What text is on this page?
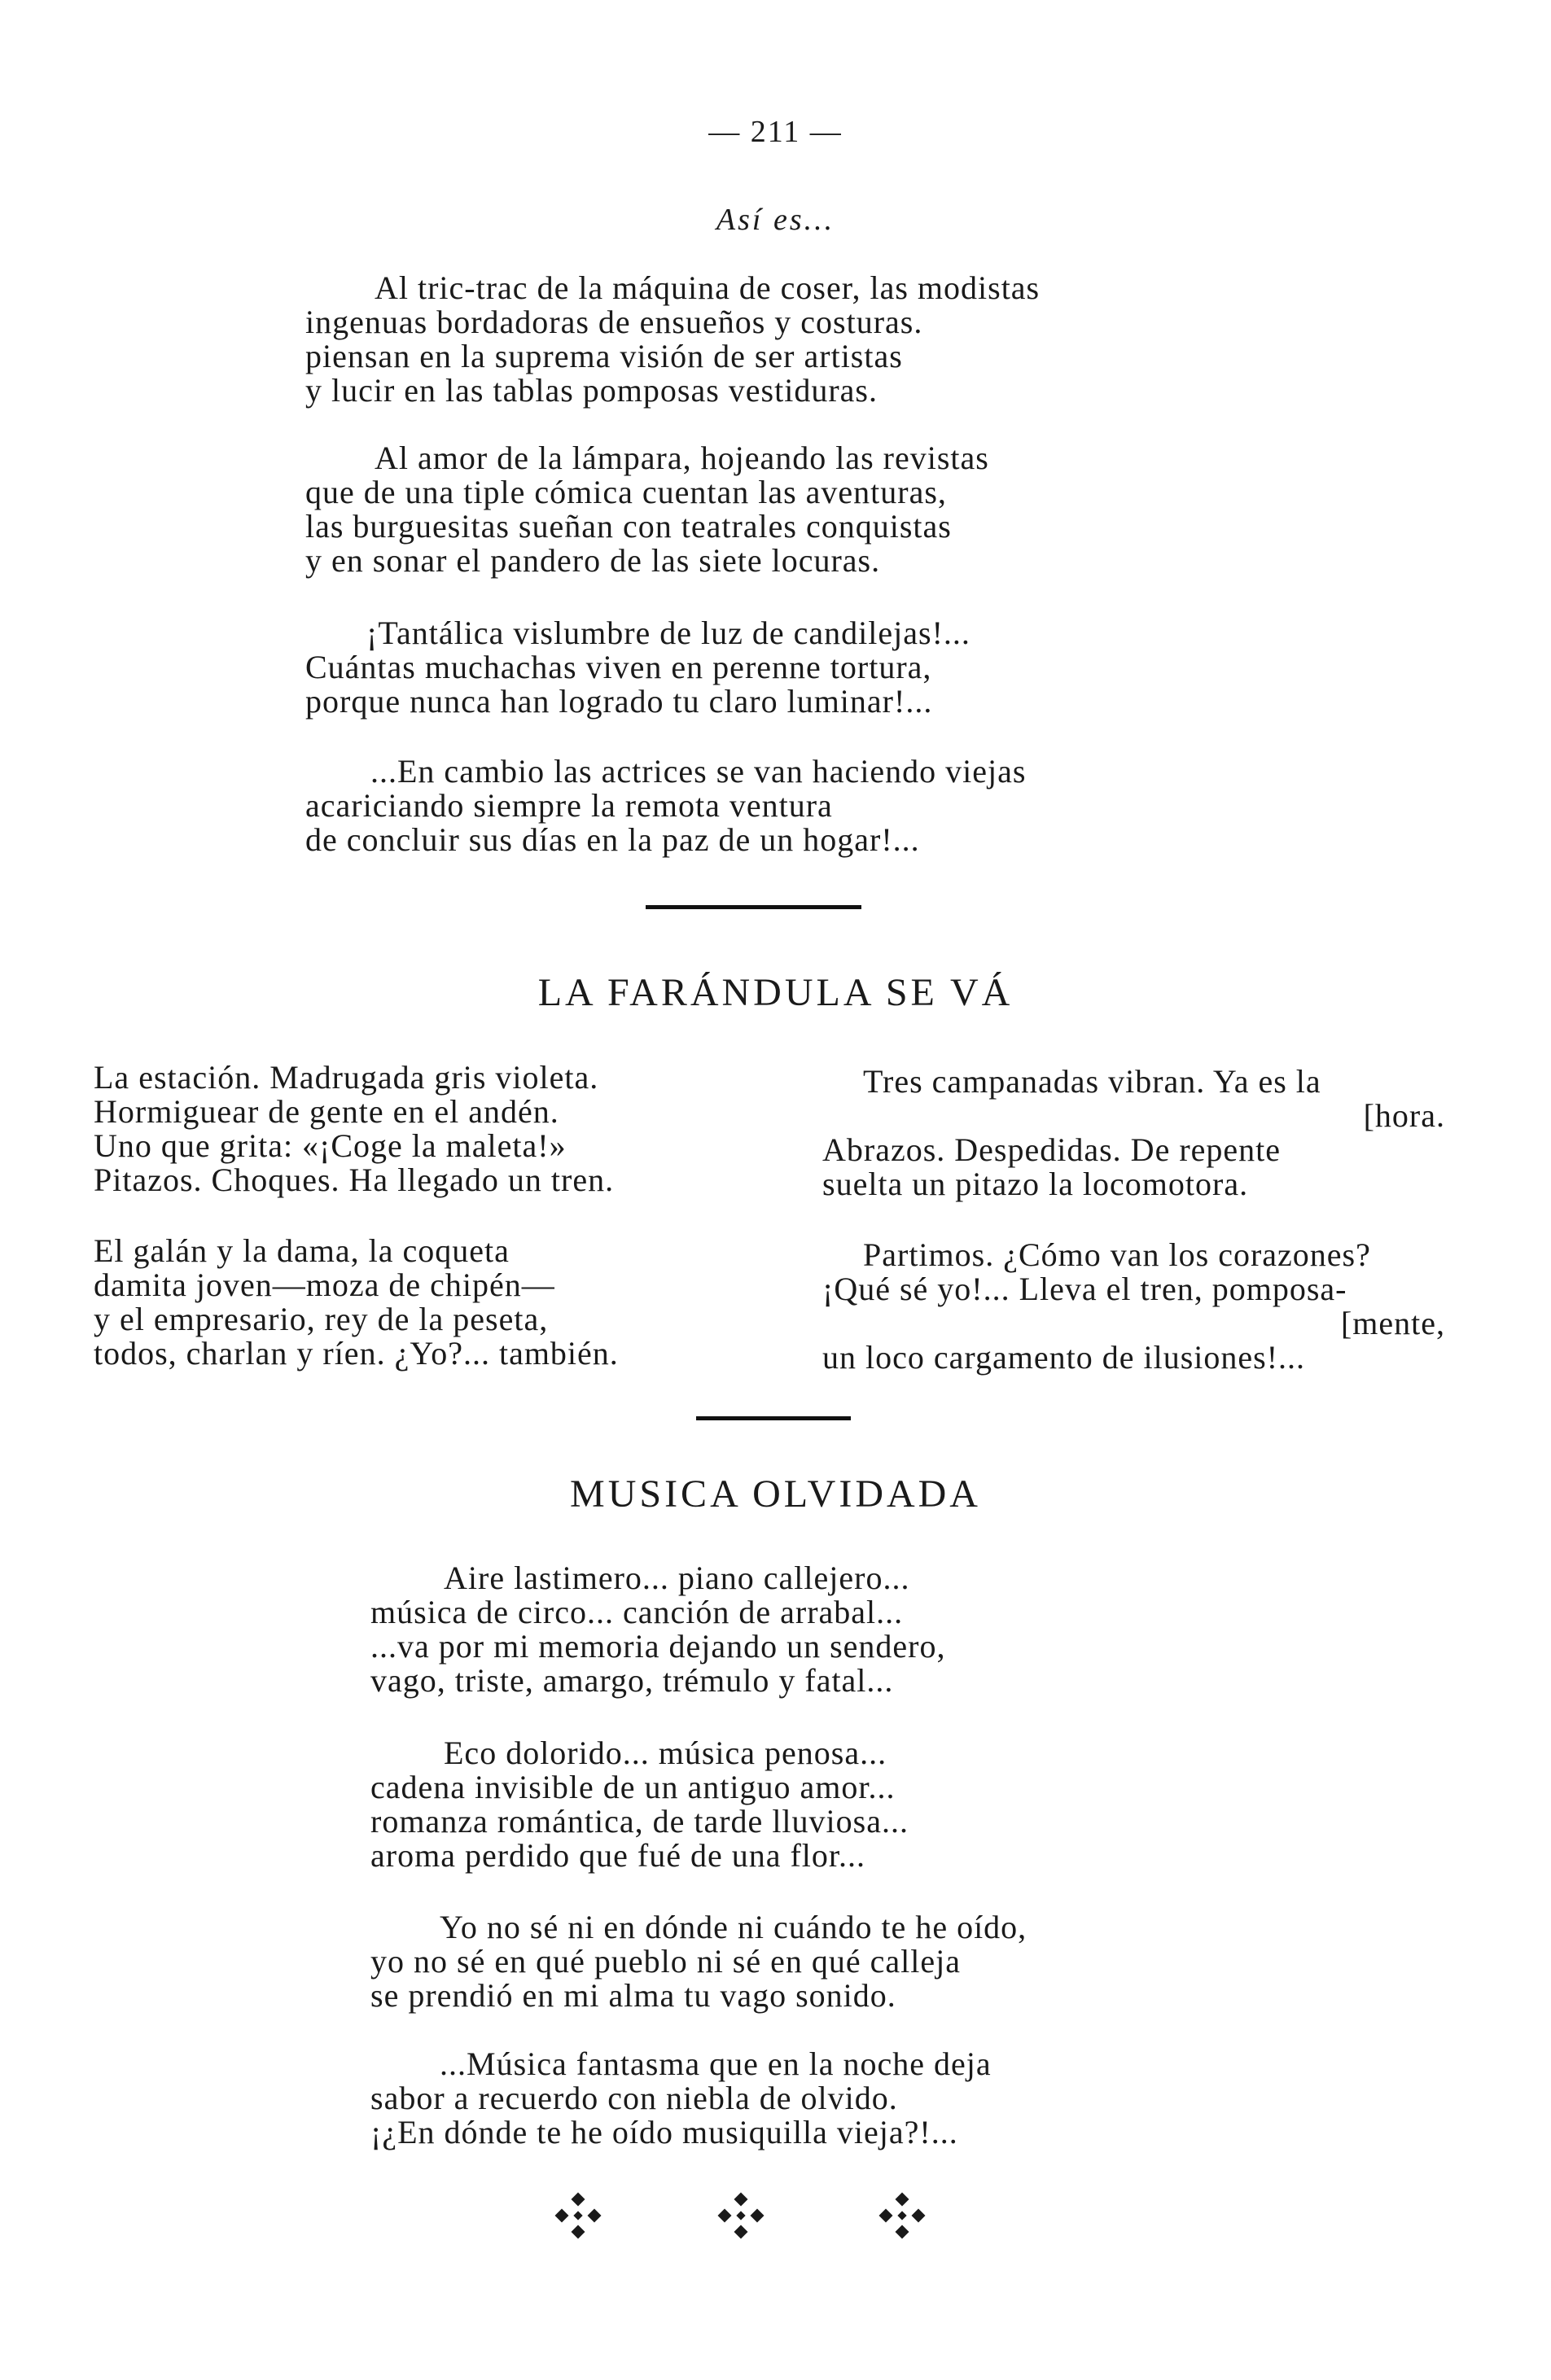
— 211 —
Así es...
Al tric-trac de la máquina de coser, las modistas
ingenuas bordadoras de ensueños y costuras.
piensan en la suprema visión de ser artistas
y lucir en las tablas pomposas vestiduras.
Al amor de la lámpara, hojeando las revistas
que de una tiple cómica cuentan las aventuras,
las burguesitas sueñan con teatrales conquistas
y en sonar el pandero de las siete locuras.
¡Tantálica vislumbre de luz de candilejas!...
Cuántas muchachas viven en perenne tortura,
porque nunca han logrado tu claro luminar!...
...En cambio las actrices se van haciendo viejas
acariciando siempre la remota ventura
de concluir sus días en la paz de un hogar!...
LA FARÁNDULA SE VÁ
La estación. Madrugada gris violeta.
Hormiguear de gente en el andén.
Uno que grita: «¡Coge la maleta!»
Pitazos. Choques. Ha llegado un tren.
El galán y la dama, la coqueta
damita joven—moza de chipén—
y el empresario, rey de la peseta,
todos, charlan y ríen. ¿Yo?... también.
Tres campanadas vibran. Ya es la
[hora.
Abrazos. Despedidas. De repente
suelta un pitazo la locomotora.
Partimos. ¿Cómo van los corazones?
¡Qué sé yo!... Lleva el tren, pomposa-
[mente,
un loco cargamento de ilusiones!...
MUSICA OLVIDADA
Aire lastimero... piano callejero...
música de circo... canción de arrabal...
...va por mi memoria dejando un sendero,
vago, triste, amargo, trémulo y fatal...
Eco dolorido... música penosa...
cadena invisible de un antiguo amor...
romanza romántica, de tarde lluviosa...
aroma perdido que fué de una flor...
Yo no sé ni en dónde ni cuándo te he oído,
yo no sé en qué pueblo ni sé en qué calleja
se prendió en mi alma tu vago sonido.
...Música fantasma que en la noche deja
sabor a recuerdo con niebla de olvido.
¡¿En dónde te he oído musiquilla vieja?!...
